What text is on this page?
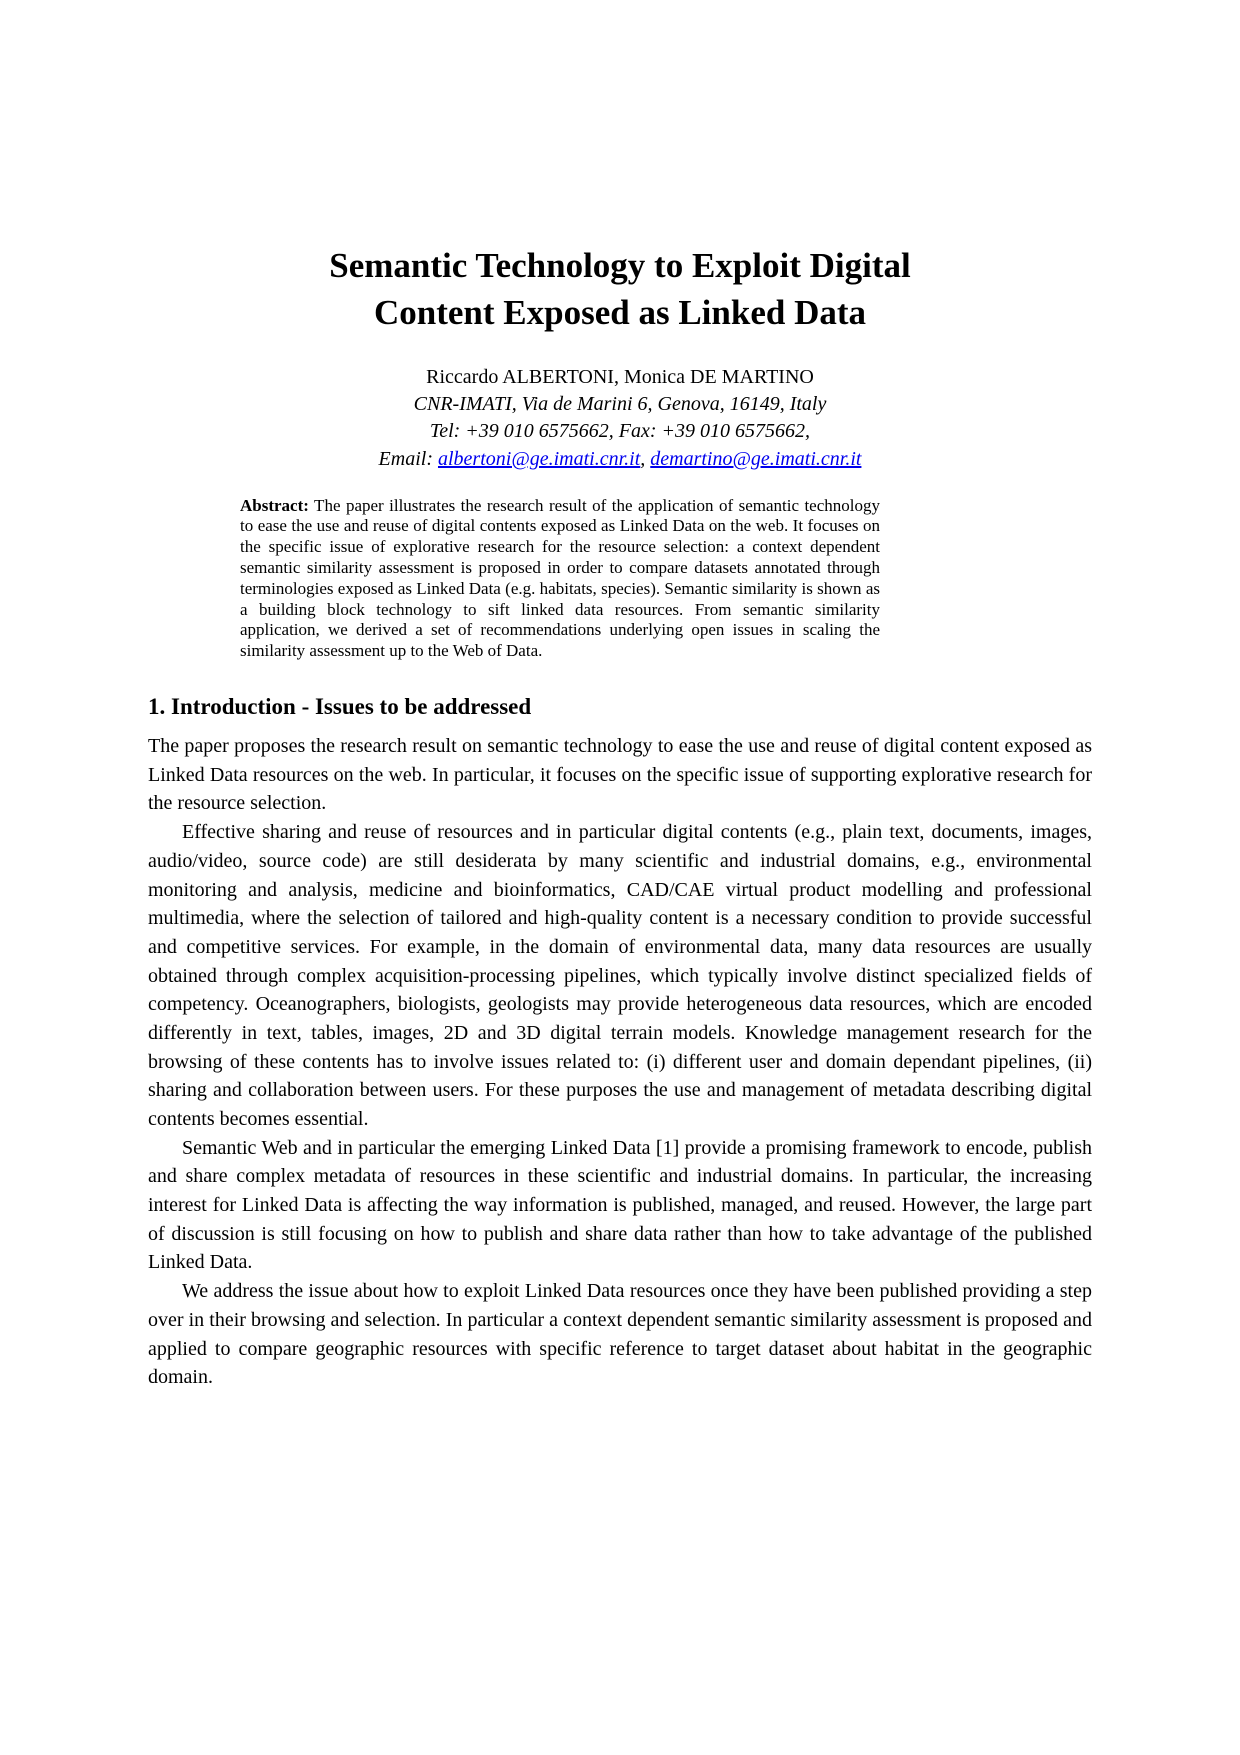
Semantic Technology to Exploit Digital
Content Exposed as Linked Data
Riccardo ALBERTONI, Monica DE MARTINO
CNR-IMATI, Via de Marini 6, Genova, 16149, Italy
Tel: +39 010 6575662, Fax: +39 010 6575662,
Email: albertoni@ge.imati.cnr.it, demartino@ge.imati.cnr.it
Abstract: The paper illustrates the research result of the application of semantic technology to ease the use and reuse of digital contents exposed as Linked Data on the web. It focuses on the specific issue of explorative research for the resource selection: a context dependent semantic similarity assessment is proposed in order to compare datasets annotated through terminologies exposed as Linked Data (e.g. habitats, species). Semantic similarity is shown as a building block technology to sift linked data resources. From semantic similarity application, we derived a set of recommendations underlying open issues in scaling the similarity assessment up to the Web of Data.
1. Introduction - Issues to be addressed

The paper proposes the research result on semantic technology to ease the use and reuse of digital content exposed as Linked Data resources on the web. In particular, it focuses on the specific issue of supporting explorative research for the resource selection.

Effective sharing and reuse of resources and in particular digital contents (e.g., plain text, documents, images, audio/video, source code) are still desiderata by many scientific and industrial domains, e.g., environmental monitoring and analysis, medicine and bioinformatics, CAD/CAE virtual product modelling and professional multimedia, where the selection of tailored and high-quality content is a necessary condition to provide successful and competitive services. For example, in the domain of environmental data, many data resources are usually obtained through complex acquisition-processing pipelines, which typically involve distinct specialized fields of competency. Oceanographers, biologists, geologists may provide heterogeneous data resources, which are encoded differently in text, tables, images, 2D and 3D digital terrain models. Knowledge management research for the browsing of these contents has to involve issues related to: (i) different user and domain dependant pipelines, (ii) sharing and collaboration between users. For these purposes the use and management of metadata describing digital contents becomes essential.

Semantic Web and in particular the emerging Linked Data [1] provide a promising framework to encode, publish and share complex metadata of resources in these scientific and industrial domains. In particular, the increasing interest for Linked Data is affecting the way information is published, managed, and reused. However, the large part of discussion is still focusing on how to publish and share data rather than how to take advantage of the published Linked Data.

We address the issue about how to exploit Linked Data resources once they have been published providing a step over in their browsing and selection. In particular a context dependent semantic similarity assessment is proposed and applied to compare geographic resources with specific reference to target dataset about habitat in the geographic domain.
